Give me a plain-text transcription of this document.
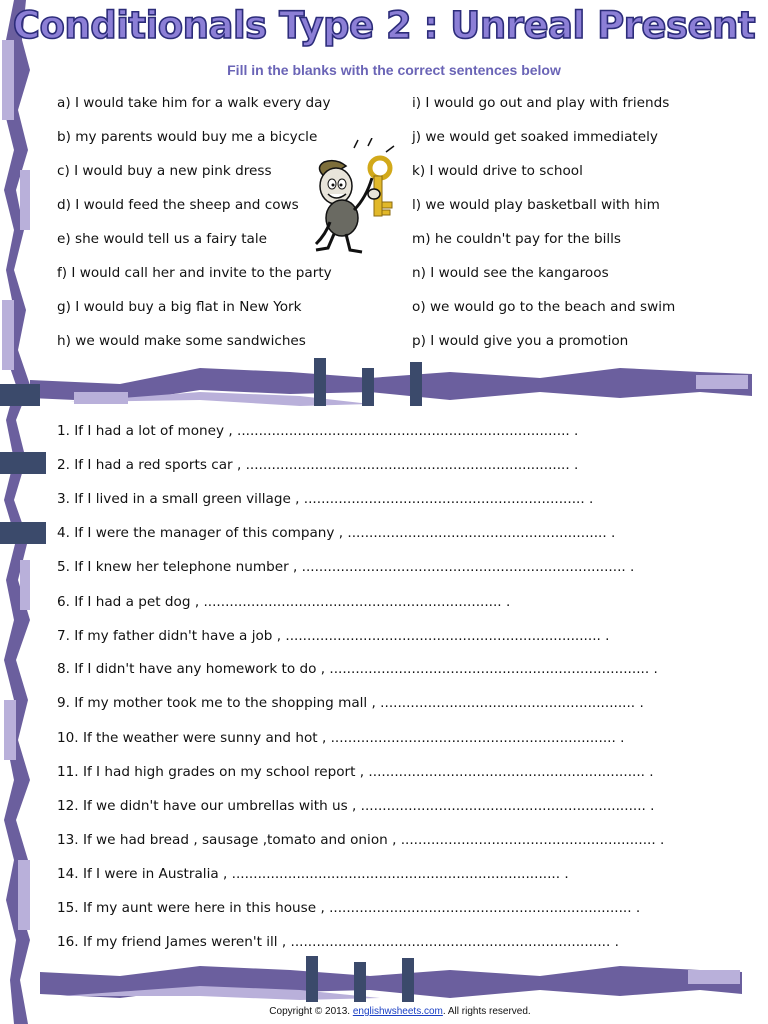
Conditionals Type 2 : Unreal Present
Fill in the blanks with the correct sentences below
a) I would take him for a walk every day
b) my parents would buy me a bicycle
c) I would buy a new pink dress
d) I would feed the sheep and cows
e) she would tell us a fairy tale
f) I would call her and invite to the party
g) I would buy a big flat in New York
h) we would make some sandwiches
i) I would go out and play with friends
j) we would get soaked immediately
k) I would drive to school
l) we would play basketball with him
m) he couldn't pay for the bills
n) I would see the kangaroos
o) we would go to the beach and swim
p) I would give you a promotion
1. If I had a lot of money , ............................................................................. .
2. If I had a red sports car , ........................................................................... .
3. If I lived in a small green village , ................................................................. .
4. If I were the manager of this company , ............................................................ .
5. If I knew her telephone number , ........................................................................... .
6. If I had a pet dog , ..................................................................... .
7. If my father didn't have a job , ......................................................................... .
8. If I didn't have any homework to do , .......................................................................... .
9. If my mother took me to the shopping mall , ........................................................... .
10. If the weather were sunny and hot , .................................................................. .
11. If I had high grades on my school report , ................................................................ .
12. If we didn't have our umbrellas with us , .................................................................. .
13. If we had bread , sausage ,tomato and onion , ........................................................... .
14. If I were in Australia , ............................................................................ .
15. If my aunt were here in this house , ...................................................................... .
16. If my friend James weren't ill , .......................................................................... .
Copyright © 2013. englishwsheets.com. All rights reserved.
